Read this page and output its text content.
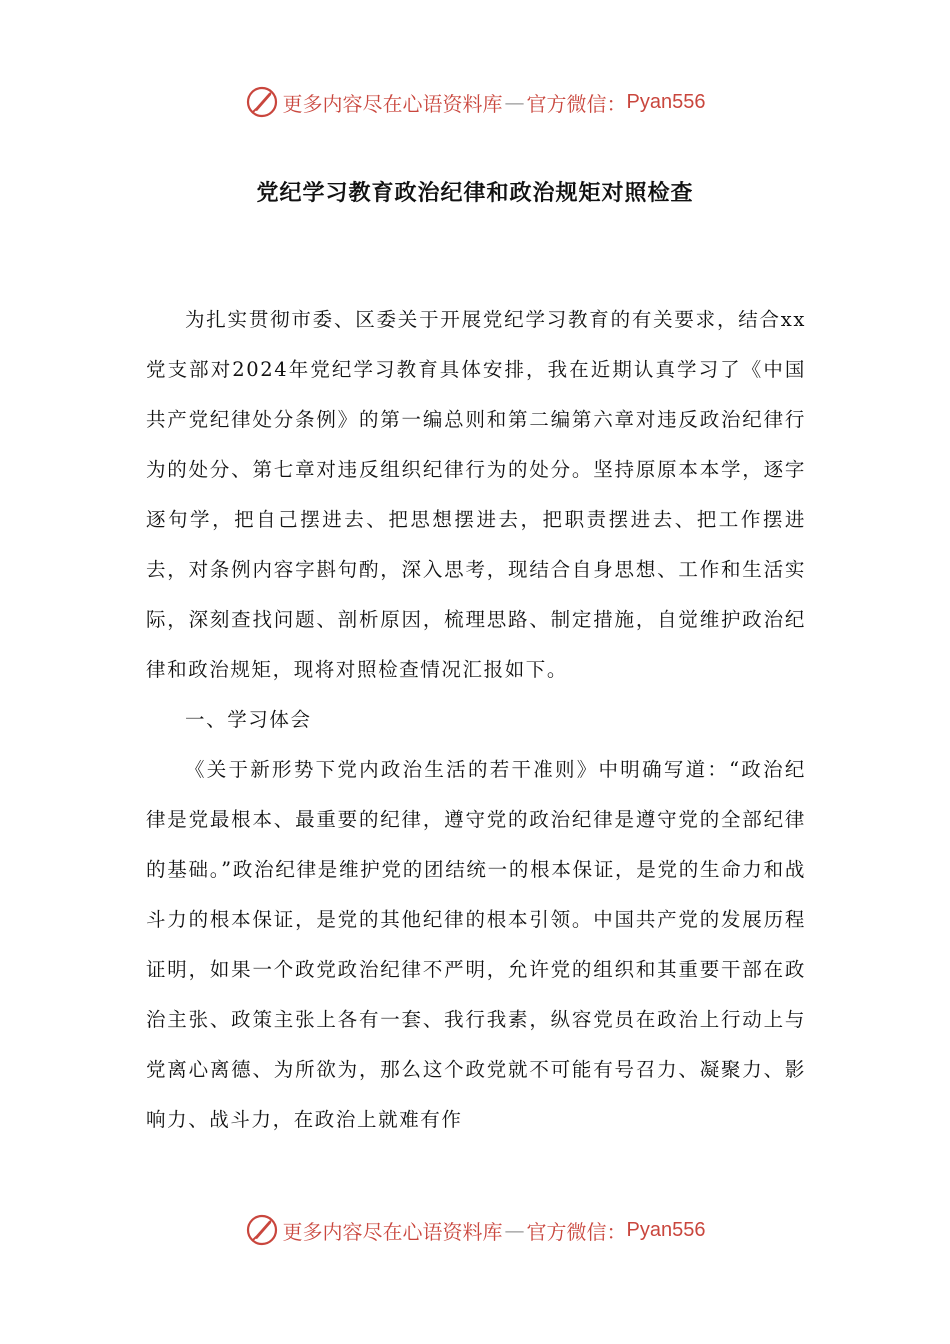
更多内容尽在心语资料库 — 官方微信： Pyan556
党纪学习教育政治纪律和政治规矩对照检查

为扎实贯彻市委、区委关于开展党纪学习教育的有关要求，结合xx党支部对2024年党纪学习教育具体安排，我在近期认真学习了《中国共产党纪律处分条例》的第一编总则和第二编第六章对违反政治纪律行为的处分、第七章对违反组织纪律行为的处分。坚持原原本本学，逐字逐句学，把自己摆进去、把思想摆进去，把职责摆进去、把工作摆进去，对条例内容字斟句酌，深入思考，现结合自身思想、工作和生活实际，深刻查找问题、剖析原因，梳理思路、制定措施，自觉维护政治纪律和政治规矩，现将对照检查情况汇报如下。

一、学习体会

《关于新形势下党内政治生活的若干准则》中明确写道：“政治纪律是党最根本、最重要的纪律，遵守党的政治纪律是遵守党的全部纪律的基础。”政治纪律是维护党的团结统一的根本保证，是党的生命力和战斗力的根本保证，是党的其他纪律的根本引领。中国共产党的发展历程证明，如果一个政党政治纪律不严明，允许党的组织和其重要干部在政治主张、政策主张上各有一套、我行我素，纵容党员在政治上行动上与党离心离德、为所欲为，那么这个政党就不可能有号召力、凝聚力、影响力、战斗力，在政治上就难有作

更多内容尽在心语资料库 — 官方微信： Pyan556
